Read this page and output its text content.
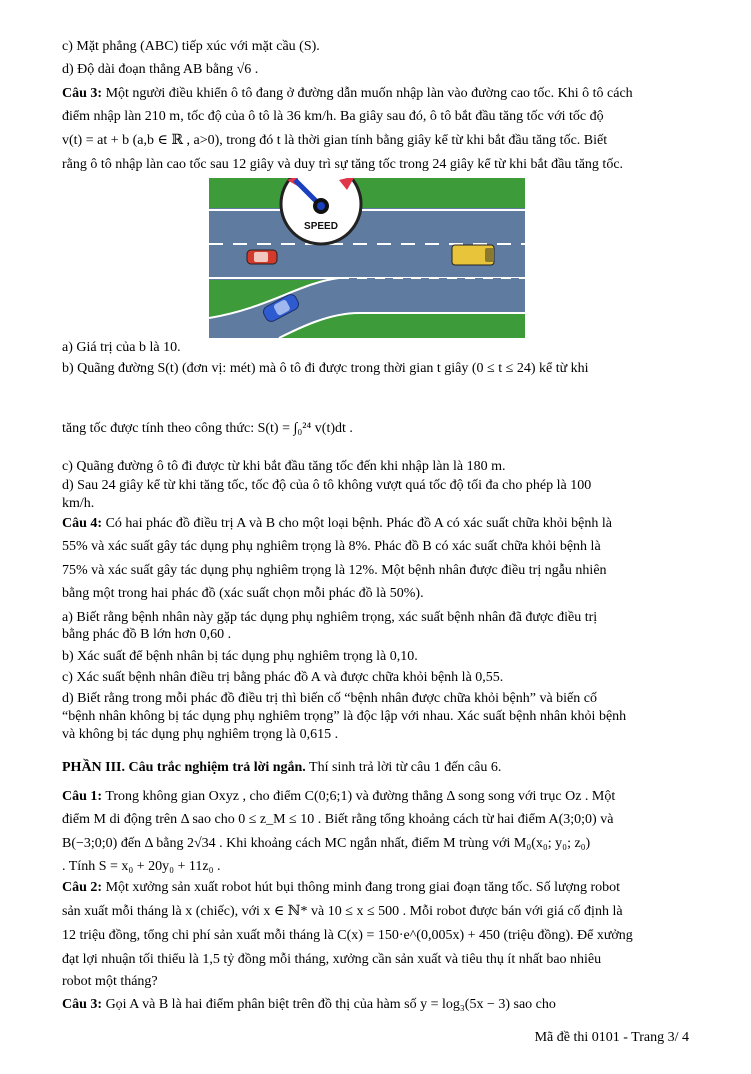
c) Mặt phẳng (ABC) tiếp xúc với mặt cầu (S).
d) Độ dài đoạn thẳng AB bằng √6 .
Câu 3: Một người điều khiển ô tô đang ở đường dẫn muốn nhập làn vào đường cao tốc. Khi ô tô cách
điểm nhập làn 210 m, tốc độ của ô tô là 36 km/h. Ba giây sau đó, ô tô bắt đầu tăng tốc với tốc độ
v(t) = at + b (a,b ∈ ℝ , a>0), trong đó t là thời gian tính bằng giây kể từ khi bắt đầu tăng tốc. Biết
rằng ô tô nhập làn cao tốc sau 12 giây và duy trì sự tăng tốc trong 24 giây kể từ khi bắt đầu tăng tốc.
SPEED
a) Giá trị của b là 10.
b) Quãng đường S(t) (đơn vị: mét) mà ô tô đi được trong thời gian t giây (0 ≤ t ≤ 24) kể từ khi
tăng tốc được tính theo công thức: S(t) = ∫₀²⁴ v(t)dt .
c) Quãng đường ô tô đi được từ khi bắt đầu tăng tốc đến khi nhập làn là 180 m.
d) Sau 24 giây kể từ khi tăng tốc, tốc độ của ô tô không vượt quá tốc độ tối đa cho phép là 100
km/h.
Câu 4: Có hai phác đồ điều trị A và B cho một loại bệnh. Phác đồ A có xác suất chữa khỏi bệnh là
55% và xác suất gây tác dụng phụ nghiêm trọng là 8%. Phác đồ B có xác suất chữa khỏi bệnh là
75% và xác suất gây tác dụng phụ nghiêm trọng là 12%. Một bệnh nhân được điều trị ngẫu nhiên
bằng một trong hai phác đồ (xác suất chọn mỗi phác đồ là 50%).
a) Biết rằng bệnh nhân này gặp tác dụng phụ nghiêm trọng, xác suất bệnh nhân đã được điều trị
bằng phác đồ B lớn hơn 0,60 .
b) Xác suất để bệnh nhân bị tác dụng phụ nghiêm trọng là 0,10.
c) Xác suất bệnh nhân điều trị bằng phác đồ A và được chữa khỏi bệnh là 0,55.
d) Biết rằng trong mỗi phác đồ điều trị thì biến cố “bệnh nhân được chữa khỏi bệnh” và biến cố
“bệnh nhân không bị tác dụng phụ nghiêm trọng” là độc lập với nhau. Xác suất bệnh nhân khỏi bệnh
và không bị tác dụng phụ nghiêm trọng là 0,615 .
PHẦN III. Câu trắc nghiệm trả lời ngắn. Thí sinh trả lời từ câu 1 đến câu 6.
Câu 1: Trong không gian Oxyz , cho điểm C(0;6;1) và đường thẳng Δ song song với trục Oz . Một
điểm M di động trên Δ sao cho 0 ≤ z_M ≤ 10 . Biết rằng tổng khoảng cách từ hai điểm A(3;0;0) và
B(−3;0;0) đến Δ bằng 2√34 . Khi khoảng cách MC ngắn nhất, điểm M trùng với M₀(x₀; y₀; z₀)
. Tính S = x₀ + 20y₀ + 11z₀ .
Câu 2: Một xưởng sản xuất robot hút bụi thông minh đang trong giai đoạn tăng tốc. Số lượng robot
sản xuất mỗi tháng là x (chiếc), với x ∈ ℕ* và 10 ≤ x ≤ 500 . Mỗi robot được bán với giá cố định là
12 triệu đồng, tổng chi phí sản xuất mỗi tháng là C(x) = 150·e^(0,005x) + 450 (triệu đồng). Để xưởng
đạt lợi nhuận tối thiểu là 1,5 tỷ đồng mỗi tháng, xưởng cần sản xuất và tiêu thụ ít nhất bao nhiêu
robot một tháng?
Câu 3: Gọi A và B là hai điểm phân biệt trên đồ thị của hàm số y = log₃(5x − 3) sao cho
Mã đề thi 0101 - Trang 3/ 4
